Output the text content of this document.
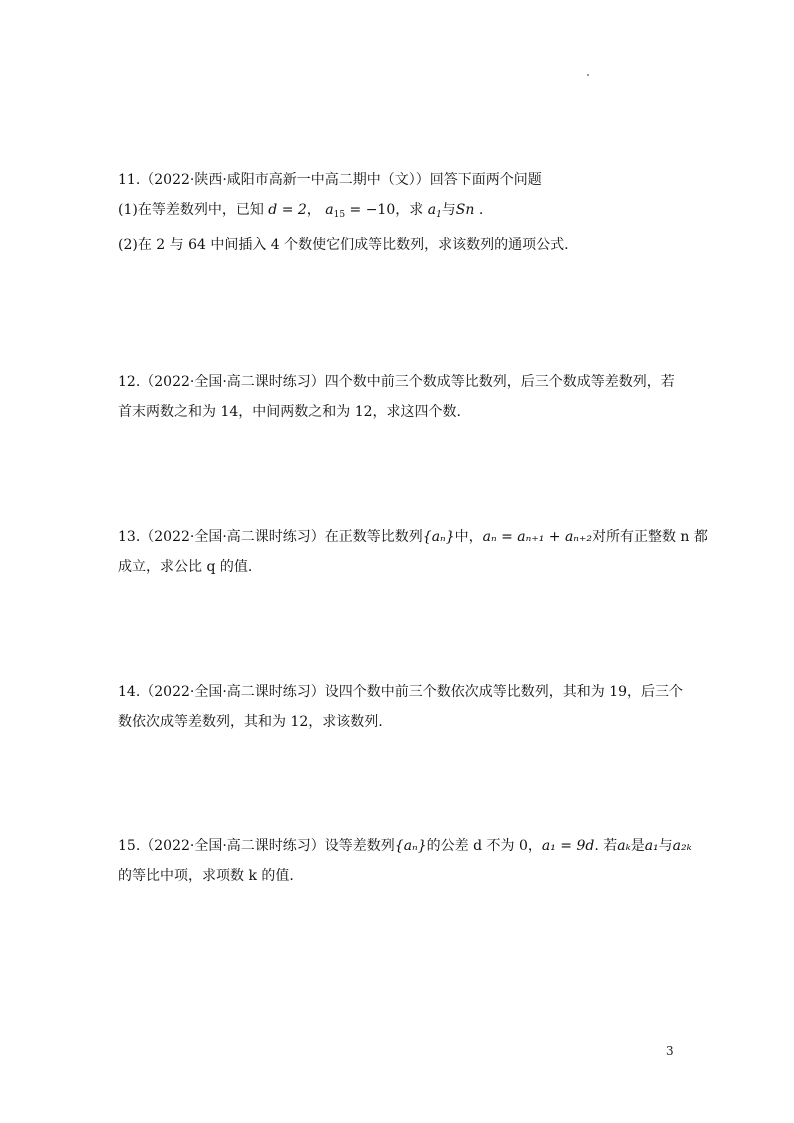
11.（2022·陕西·咸阳市高新一中高二期中（文））回答下面两个问题
(1)在等差数列中，已知 d = 2， $a_{15} = -10$，求 $a_1$与Sn .
(2)在 2 与 64 中间插入 4 个数使它们成等比数列，求该数列的通项公式.
12.（2022·全国·高二课时练习）四个数中前三个数成等比数列，后三个数成等差数列，若
首末两数之和为 14，中间两数之和为 12，求这四个数.
13.（2022·全国·高二课时练习）在正数等比数列{aₙ}中，aₙ = aₙ₊₁ + aₙ₊₂对所有正整数 n 都
成立，求公比 q 的值.
14.（2022·全国·高二课时练习）设四个数中前三个数依次成等比数列，其和为 19，后三个
数依次成等差数列，其和为 12，求该数列.
15.（2022·全国·高二课时练习）设等差数列{aₙ}的公差 d 不为 0，a₁ = 9d. 若aₖ是a₁与a₂ₖ
的等比中项，求项数 k 的值.
3
